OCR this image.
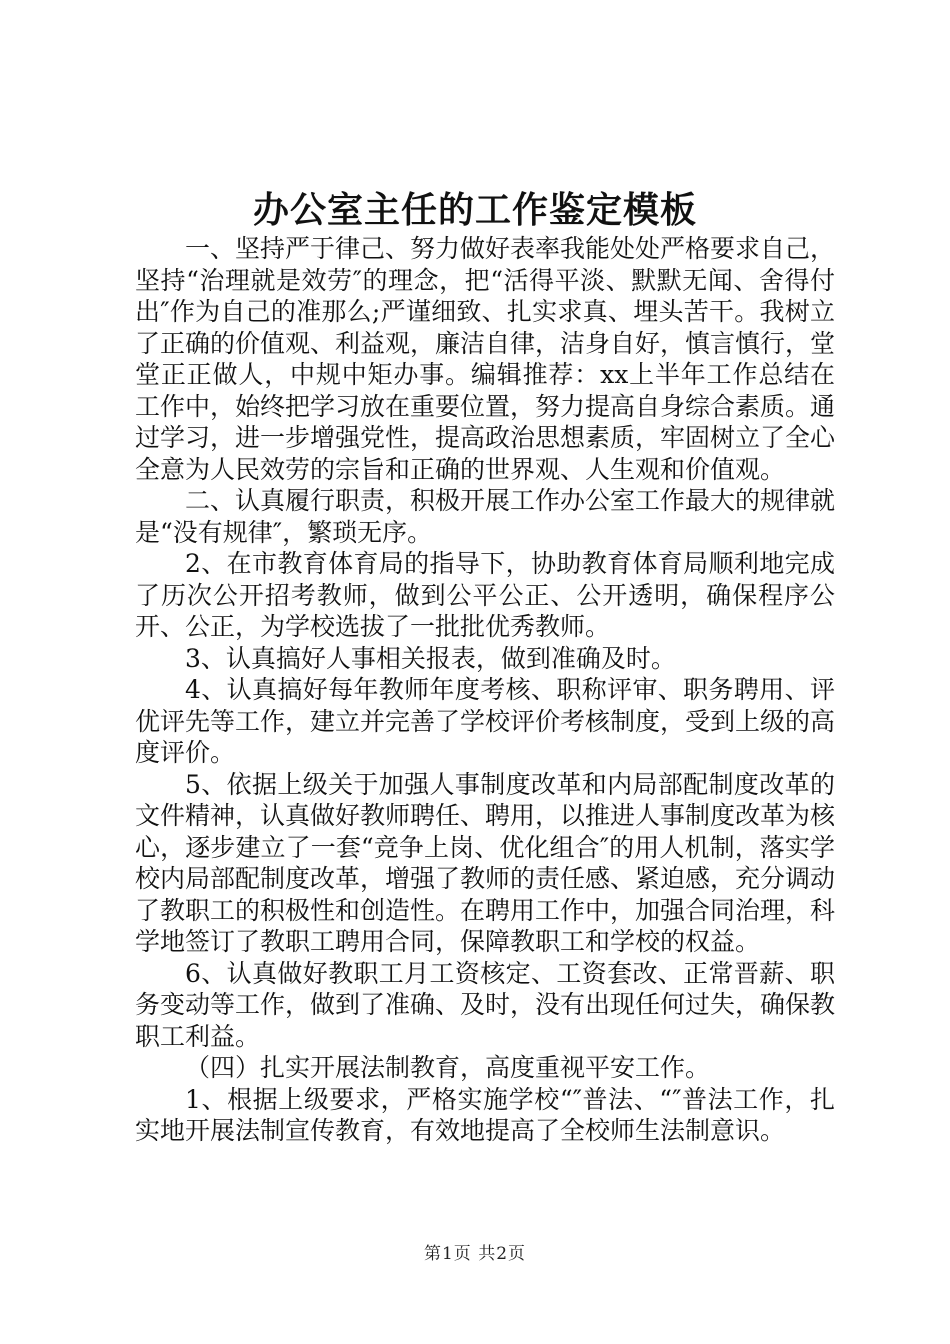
办公室主任的工作鉴定模板

一、坚持严于律己、努力做好表率我能处处严格要求自己，坚持“治理就是效劳″的理念，把“活得平淡、默默无闻、舍得付出″作为自己的准那么;严谨细致、扎实求真、埋头苦干。我树立了正确的价值观、利益观，廉洁自律，洁身自好，慎言慎行，堂堂正正做人，中规中矩办事。编辑推荐：xx上半年工作总结在工作中，始终把学习放在重要位置，努力提高自身综合素质。通过学习，进一步增强党性，提高政治思想素质，牢固树立了全心全意为人民效劳的宗旨和正确的世界观、人生观和价值观。

二、认真履行职责，积极开展工作办公室工作最大的规律就是“没有规律″，繁琐无序。

2、在市教育体育局的指导下，协助教育体育局顺利地完成了历次公开招考教师，做到公平公正、公开透明，确保程序公开、公正，为学校选拔了一批批优秀教师。

3、认真搞好人事相关报表，做到准确及时。

4、认真搞好每年教师年度考核、职称评审、职务聘用、评优评先等工作，建立并完善了学校评价考核制度，受到上级的高度评价。

5、依据上级关于加强人事制度改革和内局部配制度改革的文件精神，认真做好教师聘任、聘用，以推进人事制度改革为核心，逐步建立了一套“竞争上岗、优化组合″的用人机制，落实学校内局部配制度改革，增强了教师的责任感、紧迫感，充分调动了教职工的积极性和创造性。在聘用工作中，加强合同治理，科学地签订了教职工聘用合同，保障教职工和学校的权益。

6、认真做好教职工月工资核定、工资套改、正常晋薪、职务变动等工作，做到了准确、及时，没有出现任何过失，确保教职工利益。

（四）扎实开展法制教育，高度重视平安工作。

1、根据上级要求，严格实施学校“″普法、“″普法工作，扎实地开展法制宣传教育，有效地提高了全校师生法制意识。

第1页 共2页
